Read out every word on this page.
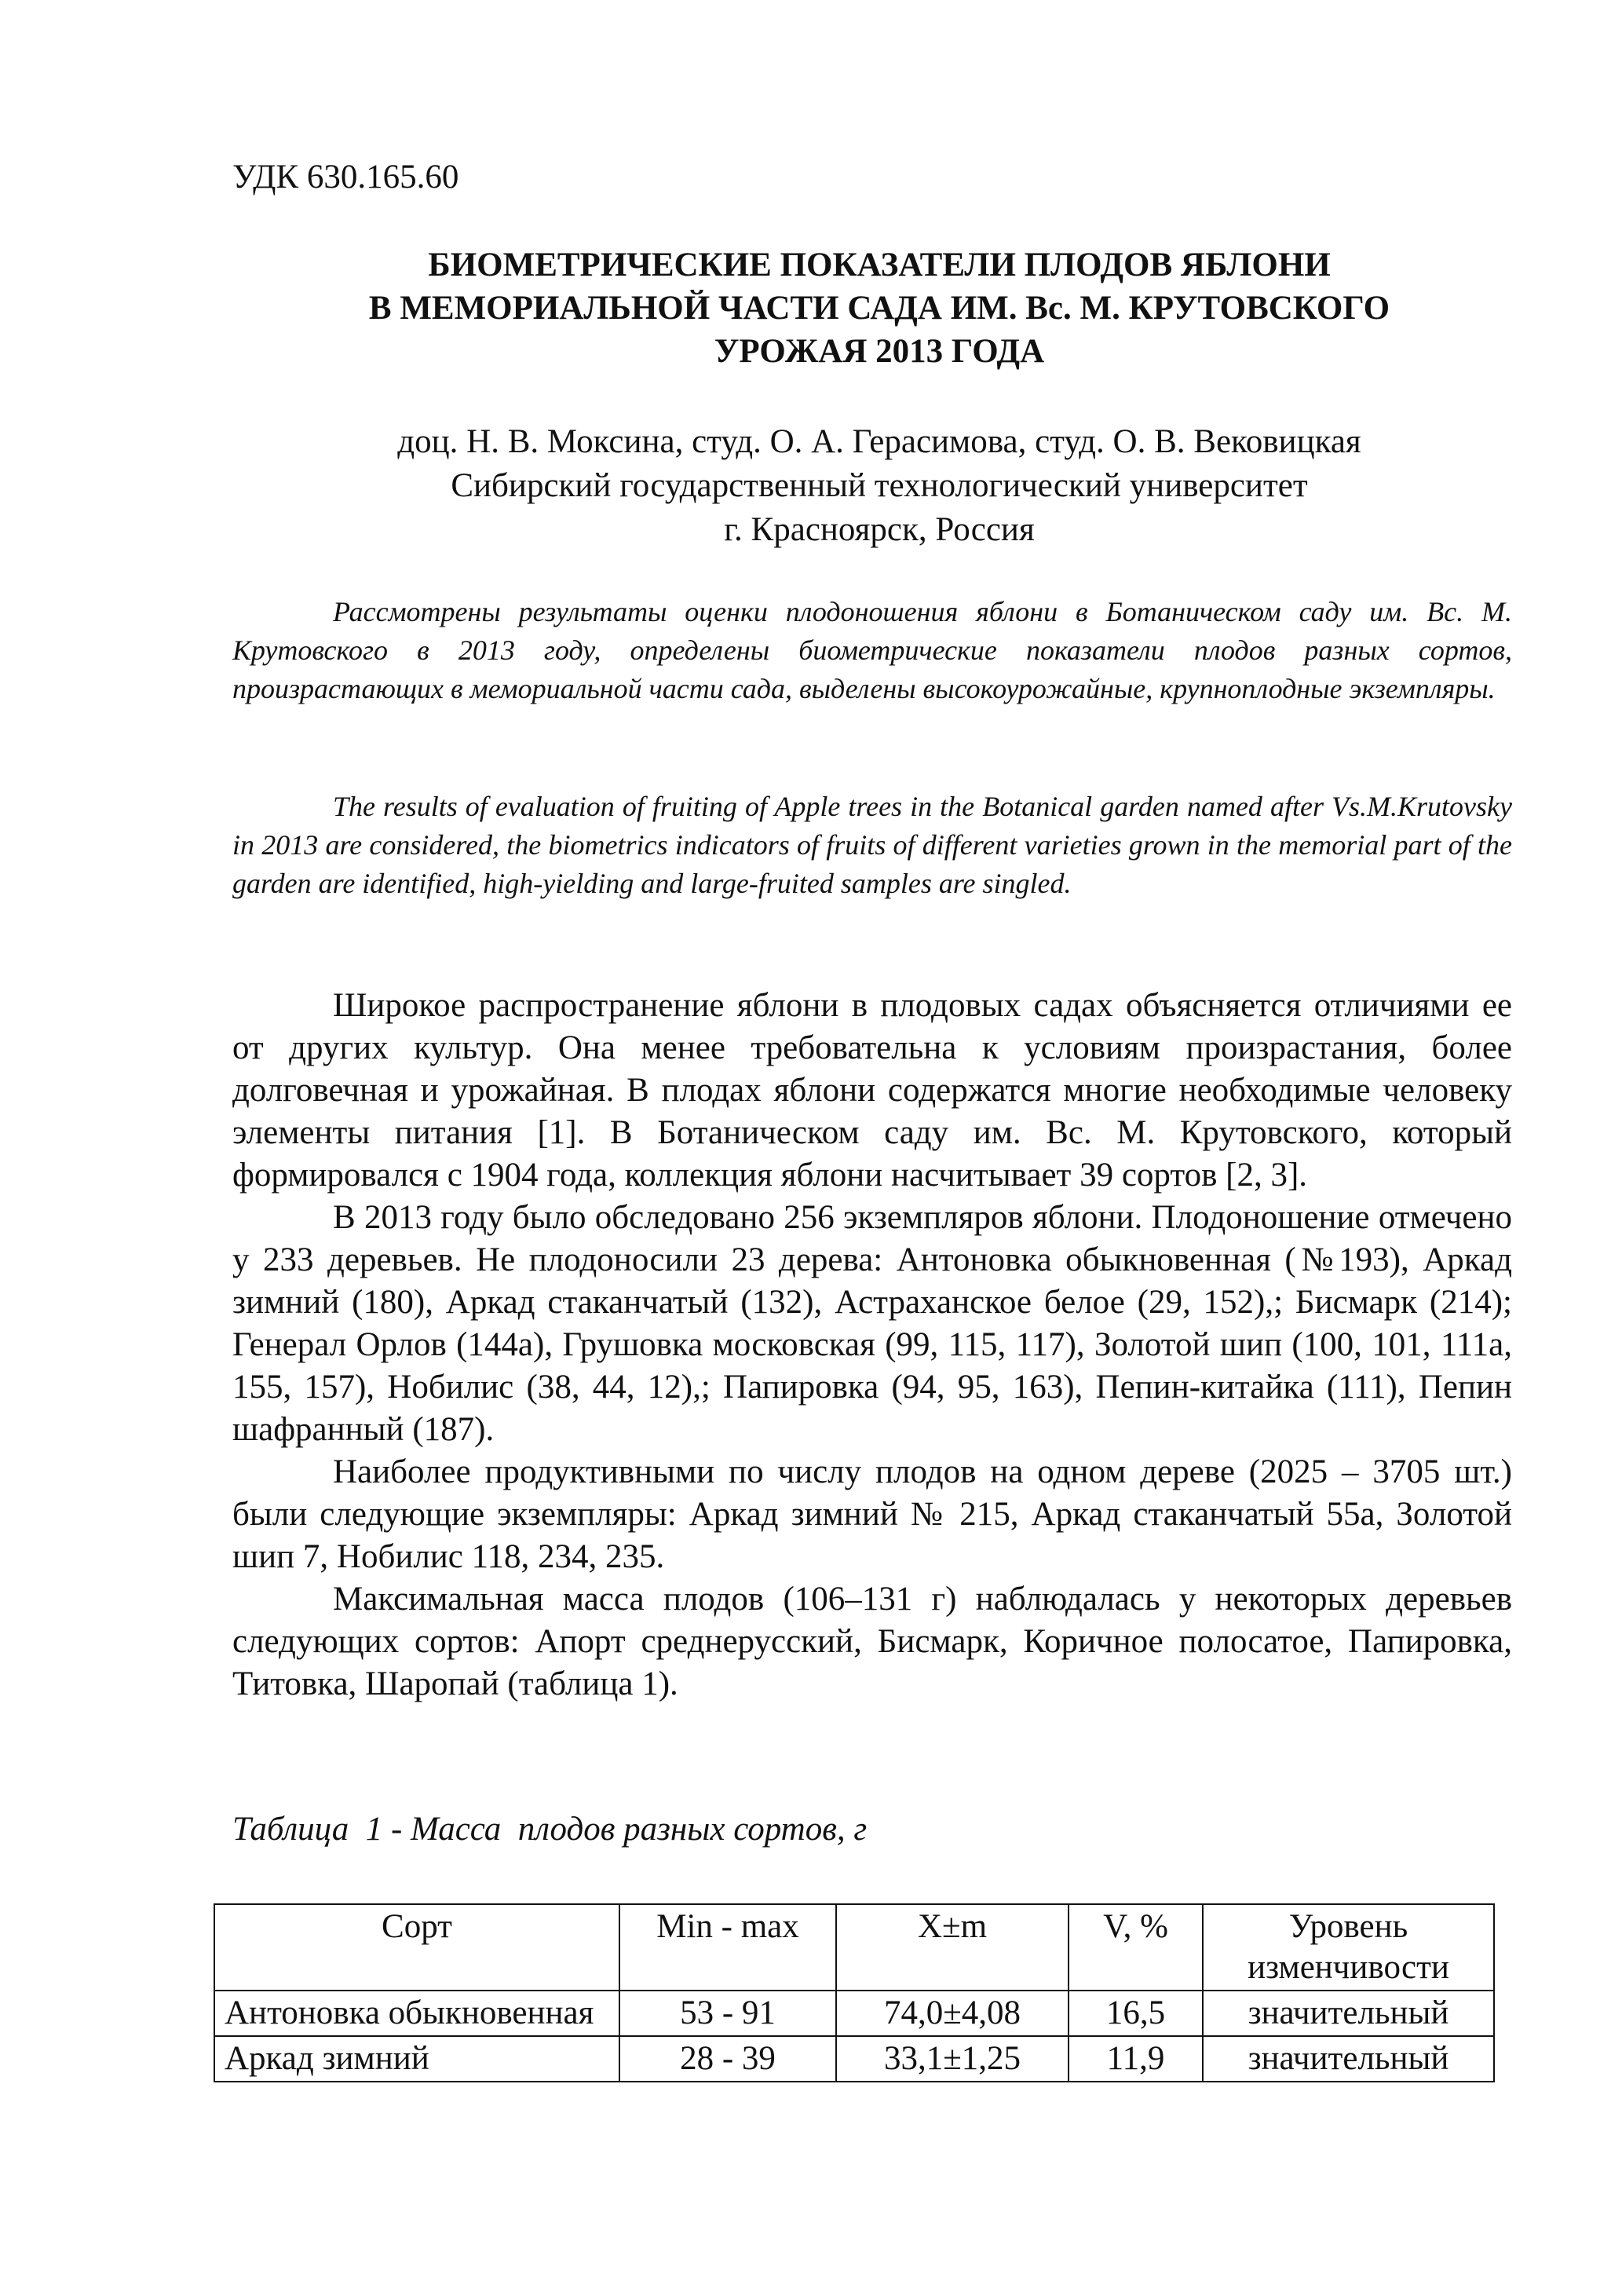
УДК 630.165.60
БИОМЕТРИЧЕСКИЕ ПОКАЗАТЕЛИ ПЛОДОВ ЯБЛОНИ
В МЕМОРИАЛЬНОЙ ЧАСТИ САДА ИМ. Вс. М. КРУТОВСКОГО
УРОЖАЯ 2013 ГОДА
доц. Н. В. Моксина, студ. О. А. Герасимова, студ. О. В. Вековицкая
Сибирский государственный технологический университет
г. Красноярск, Россия

Рассмотрены результаты оценки плодоношения яблони в Ботаническом саду им. Вс. М. Крутовского в 2013 году, определены биометрические показатели плодов разных сортов, произрастающих в мемориальной части сада, выделены высокоурожайные, крупноплодные экземпляры.

The results of evaluation of fruiting of Apple trees in the Botanical garden named after Vs.M.Krutovsky in 2013 are considered, the biometrics indicators of fruits of different varieties grown in the memorial part of the garden are identified, high-yielding and large-fruited samples are singled.

Широкое распространение яблони в плодовых садах объясняется отличиями ее от других культур. Она менее требовательна к условиям произрастания, более долговечная и урожайная. В плодах яблони содержатся многие необходимые человеку элементы питания [1]. В Ботаническом саду им. Вс. М. Крутовского, который формировался с 1904 года, коллекция яблони насчитывает 39 сортов [2, 3].

В 2013 году было обследовано 256 экземпляров яблони. Плодоношение отмечено у 233 деревьев. Не плодоносили 23 дерева: Антоновка обыкновенная (№193), Аркад зимний (180), Аркад стаканчатый (132), Астраханское белое (29, 152),; Бисмарк (214); Генерал Орлов (144а), Грушовка московская (99, 115, 117), Золотой шип (100, 101, 111а, 155, 157), Нобилис (38, 44, 12),; Папировка (94, 95, 163), Пепин-китайка (111), Пепин шафранный (187).

Наиболее продуктивными по числу плодов на одном дереве (2025 – 3705 шт.) были следующие экземпляры: Аркад зимний № 215, Аркад стаканчатый 55а, Золотой шип 7, Нобилис 118, 234, 235.

Максимальная масса плодов (106–131 г) наблюдалась у некоторых деревьев следующих сортов: Апорт среднерусский, Бисмарк, Коричное полосатое, Папировка, Титовка, Шаропай (таблица 1).

Таблица  1 - Масса  плодов разных сортов, г
Сорт	Min - max	X±m	V, %	Уровень изменчивости
Антоновка обыкновенная	53 - 91	74,0±4,08	16,5	значительный
Аркад зимний	28 - 39	33,1±1,25	11,9	значительный
